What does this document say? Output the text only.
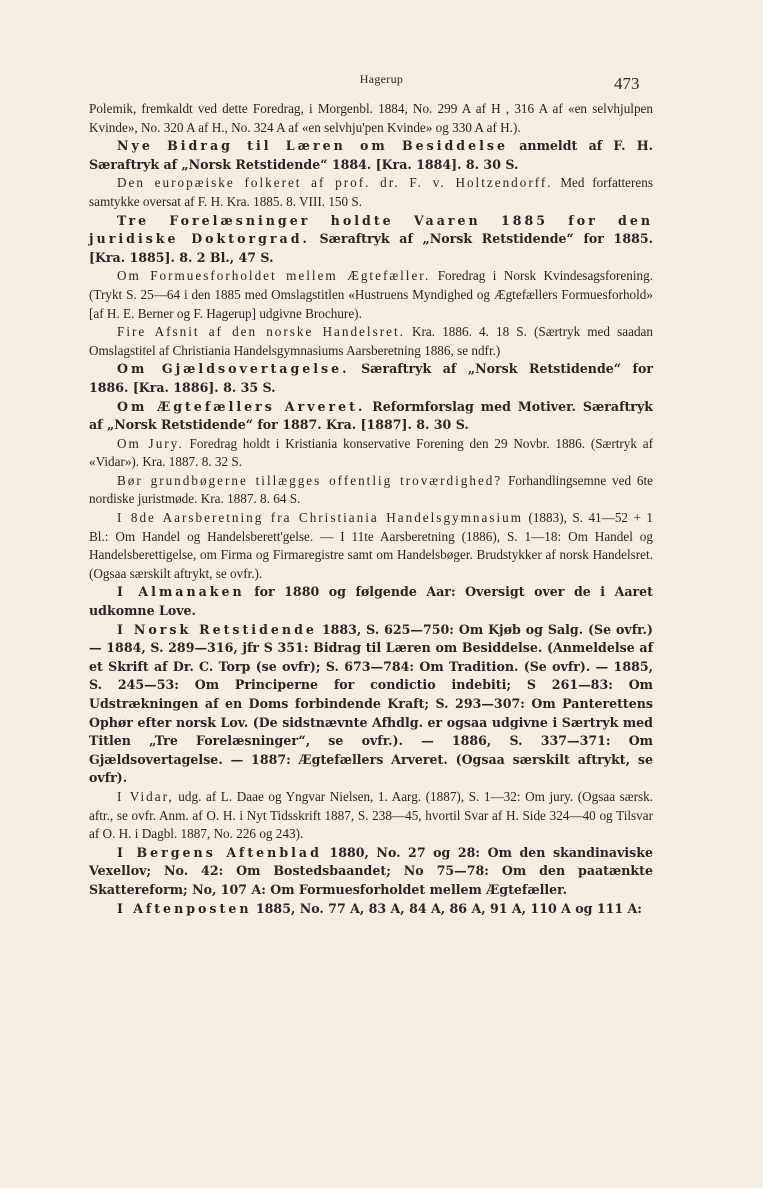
Hagerup	473

Polemik, fremkaldt ved dette Foredrag, i Morgenbl. 1884, No. 299 A af H , 316 A af «en selvhjulpen Kvinde», No. 320 A af H., No. 324 A af «en selvhju'pen Kvinde» og 330 A af H.).

Nye Bidrag til Læren om Besiddelse anmeldt af F. H. Særaftryk af „Norsk Retstidende“ 1884. [Kra. 1884]. 8. 30 S.

Den europæiske folkeret af prof. dr. F. v. Holtzendorff. Med forfatterens samtykke oversat af F. H. Kra. 1885. 8. VIII. 150 S.

Tre Forelæsninger holdte Vaaren 1885 for den juridiske Doktorgrad. Særaftryk af „Norsk Retstidende“ for 1885. [Kra. 1885]. 8. 2 Bl., 47 S.

Om Formuesforholdet mellem Ægtefæller. Foredrag i Norsk Kvindesagsforening. (Trykt S. 25—64 i den 1885 med Omslagstitlen «Hustruens Myndighed og Ægtefællers Formuesforhold» [af H. E. Berner og F. Hagerup] udgivne Brochure).

Fire Afsnit af den norske Handelsret. Kra. 1886. 4. 18 S. (Særtryk med saadan Omslagstitel af Christiania Handelsgymnasiums Aarsberetning 1886, se ndfr.)

Om Gjældsovertagelse. Særaftryk af „Norsk Retstidende“ for 1886. [Kra. 1886]. 8. 35 S.

Om Ægtefællers Arveret. Reformforslag med Motiver. Særaftryk af „Norsk Retstidende“ for 1887. Kra. [1887]. 8. 30 S.

Om Jury. Foredrag holdt i Kristiania konservative Forening den 29 Novbr. 1886. (Særtryk af «Vidar»). Kra. 1887. 8. 32 S.

Bør grundbøgerne tillægges offentlig troværdighed? Forhandlingsemne ved 6te nordiske juristmøde. Kra. 1887. 8. 64 S.

I 8de Aarsberetning fra Christiania Handelsgymnasium (1883), S. 41—52 + 1 Bl.: Om Handel og Handelsberett'gelse. — I 11te Aarsberetning (1886), S. 1—18: Om Handel og Handelsberettigelse, om Firma og Firmaregistre samt om Handelsbøger. Brudstykker af norsk Handelsret. (Ogsaa særskilt aftrykt, se ovfr.).

I Almanaken for 1880 og følgende Aar: Oversigt over de i Aaret udkomne Love.

I Norsk Retstidende 1883, S. 625—750: Om Kjøb og Salg. (Se ovfr.) — 1884, S. 289—316, jfr S 351: Bidrag til Læren om Besiddelse. (Anmeldelse af et Skrift af Dr. C. Torp (se ovfr); S. 673—784: Om Tradition. (Se ovfr). — 1885, S. 245—53: Om Principerne for condictio indebiti; S 261—83: Om Udstrækningen af en Doms forbindende Kraft; S. 293—307: Om Panterettens Ophør efter norsk Lov. (De sidstnævnte Afhdlg. er ogsaa udgivne i Særtryk med Titlen „Tre Forelæsninger“, se ovfr.). — 1886, S. 337—371: Om Gjældsovertagelse. — 1887: Ægtefællers Arveret. (Ogsaa særskilt aftrykt, se ovfr).

I Vidar, udg. af L. Daae og Yngvar Nielsen, 1. Aarg. (1887), S. 1—32: Om jury. (Ogsaa særsk. aftr., se ovfr. Anm. af O. H. i Nyt Tidsskrift 1887, S. 238—45, hvortil Svar af H. Side 324—40 og Tilsvar af O. H. i Dagbl. 1887, No. 226 og 243).

I Bergens Aftenblad 1880, No. 27 og 28: Om den skandinaviske Vexellov; No. 42: Om Bostedsbaandet; No 75—78: Om den paatænkte Skattereform; No, 107 A: Om Formuesforholdet mellem Ægtefæller.

I Aftenposten 1885, No. 77 A, 83 A, 84 A, 86 A, 91 A, 110 A og 111 A:
